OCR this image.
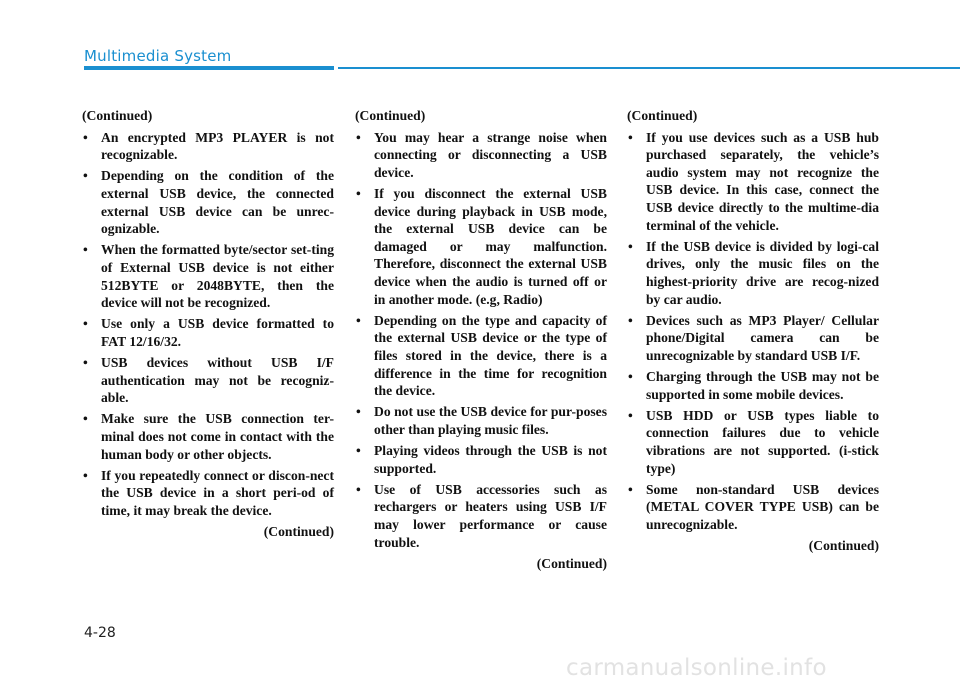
Multimedia System

(Continued)

• An encrypted MP3 PLAYER is not recognizable.
• Depending on the condition of the external USB device, the connected external USB device can be unrec-ognizable.
• When the formatted byte/sector set-ting of External USB device is not either 512BYTE or 2048BYTE, then the device will not be recognized.
• Use only a USB device formatted to FAT 12/16/32.
• USB devices without USB I/F authentication may not be recogniz-able.
• Make sure the USB connection ter-minal does not come in contact with the human body or other objects.
• If you repeatedly connect or discon-nect the USB device in a short peri-od of time, it may break the device.

(Continued)

(Continued)

• You may hear a strange noise when connecting or disconnecting a USB device.
• If you disconnect the external USB device during playback in USB mode, the external USB device can be damaged or may malfunction. Therefore, disconnect the external USB device when the audio is turned off or in another mode. (e.g, Radio)
• Depending on the type and capacity of the external USB device or the type of files stored in the device, there is a difference in the time for recognition the device.
• Do not use the USB device for pur-poses other than playing music files.
• Playing videos through the USB is not supported.
• Use of USB accessories such as rechargers or heaters using USB I/F may lower performance or cause trouble.

(Continued)

(Continued)

• If you use devices such as a USB hub purchased separately, the vehicle’s audio system may not recognize the USB device. In this case, connect the USB device directly to the multime-dia terminal of the vehicle.
• If the USB device is divided by logi-cal drives, only the music files on the highest-priority drive are recog-nized by car audio.
• Devices such as MP3 Player/ Cellular phone/Digital camera can be unrecognizable by standard USB I/F.
• Charging through the USB may not be supported in some mobile devices.
• USB HDD or USB types liable to connection failures due to vehicle vibrations are not supported. (i-stick type)
• Some non-standard USB devices (METAL COVER TYPE USB) can be unrecognizable.

(Continued)

4-28
carmanualsonline.info
